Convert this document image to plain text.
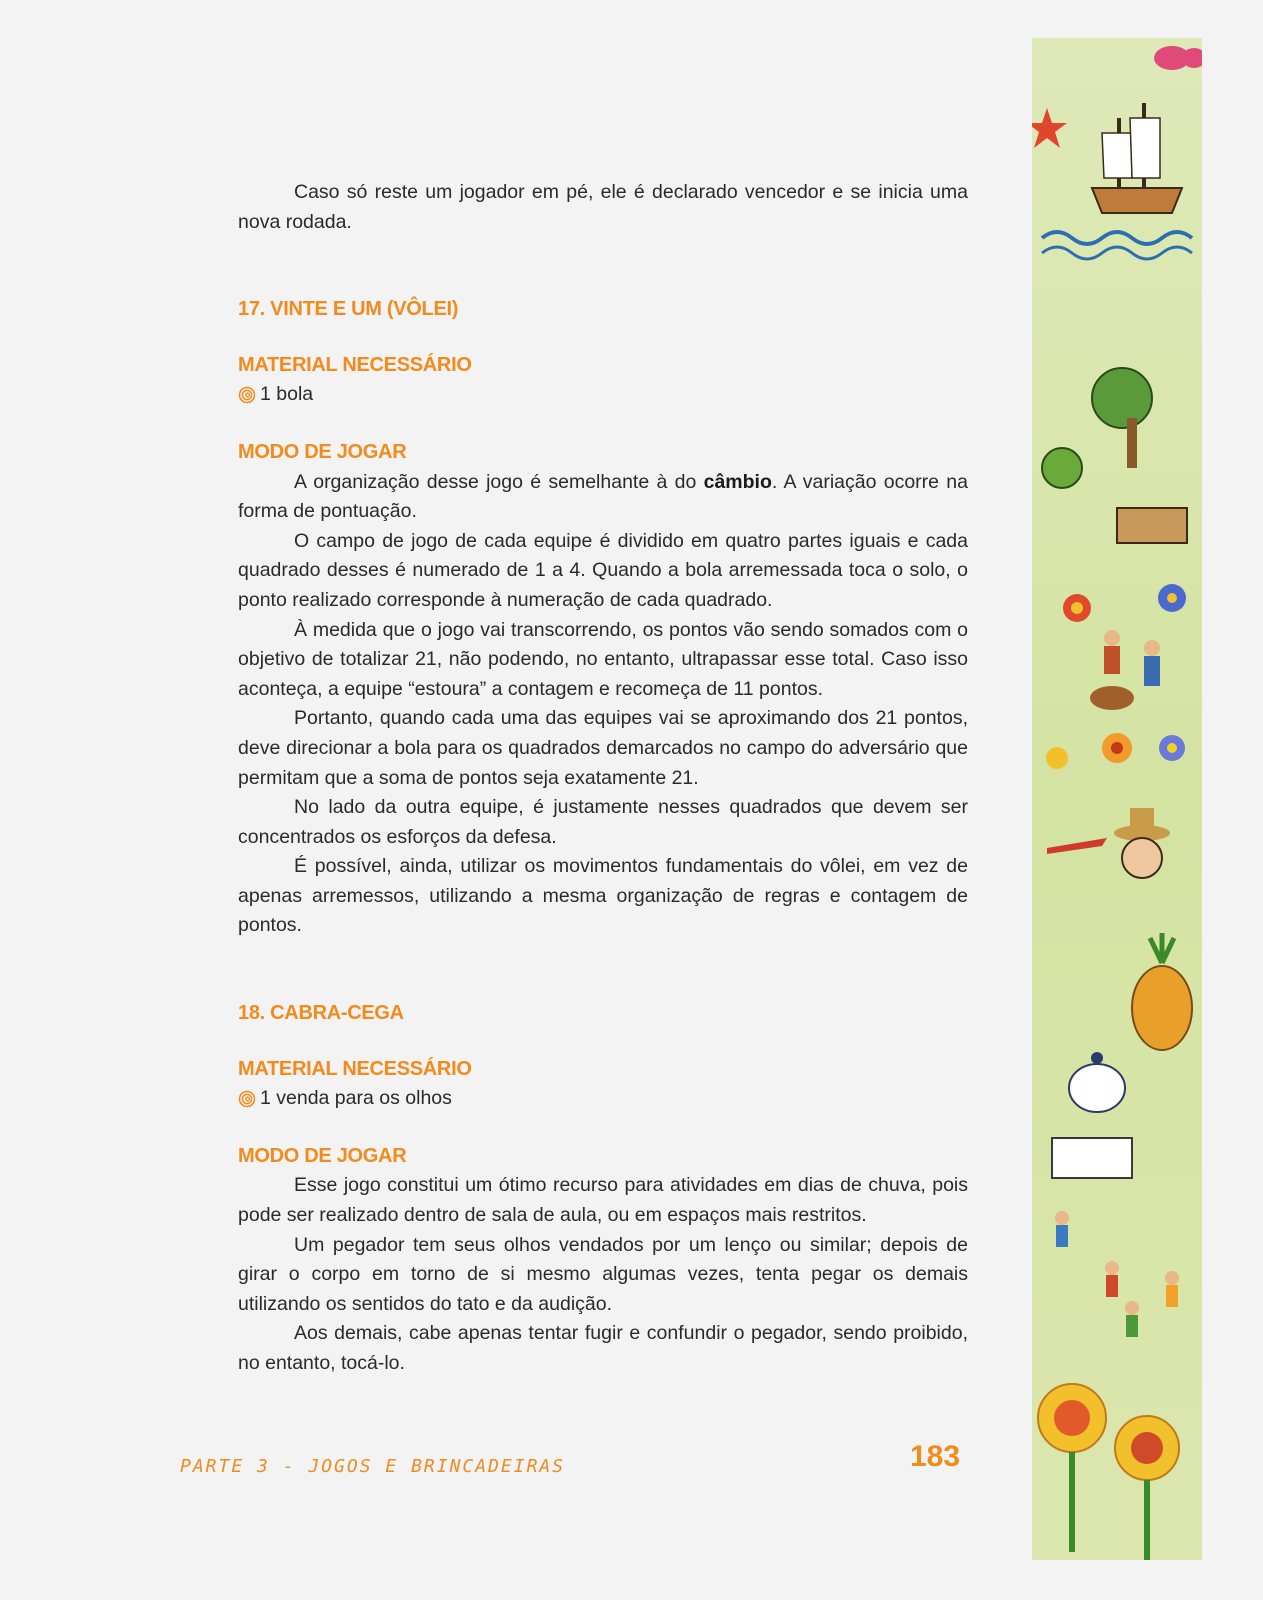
Caso só reste um jogador em pé, ele é declarado vencedor e se inicia uma nova rodada.

17. VINTE E UM (VÔLEI)
MATERIAL NECESSÁRIO
1 bola
MODO DE JOGAR

A organização desse jogo é semelhante à do câmbio. A variação ocorre na forma de pontuação.

O campo de jogo de cada equipe é dividido em quatro partes iguais e cada quadrado desses é numerado de 1 a 4. Quando a bola arremessada toca o solo, o ponto realizado corresponde à numeração de cada quadrado.

À medida que o jogo vai transcorrendo, os pontos vão sendo somados com o objetivo de totalizar 21, não podendo, no entanto, ultrapassar esse total. Caso isso aconteça, a equipe “estoura” a contagem e recomeça de 11 pontos.

Portanto, quando cada uma das equipes vai se aproximando dos 21 pontos, deve direcionar a bola para os quadrados demarcados no campo do adversário que permitam que a soma de pontos seja exatamente 21.

No lado da outra equipe, é justamente nesses quadrados que devem ser concentrados os esforços da defesa.

É possível, ainda, utilizar os movimentos fundamentais do vôlei, em vez de apenas arremessos, utilizando a mesma organização de regras e contagem de pontos.

18. CABRA-CEGA
MATERIAL NECESSÁRIO
1 venda para os olhos
MODO DE JOGAR

Esse jogo constitui um ótimo recurso para atividades em dias de chuva, pois pode ser realizado dentro de sala de aula, ou em espaços mais restritos.

Um pegador tem seus olhos vendados por um lenço ou similar; depois de girar o corpo em torno de si mesmo algumas vezes, tenta pegar os demais utilizando os sentidos do tato e da audição.

Aos demais, cabe apenas tentar fugir e confundir o pegador, sendo proibido, no entanto, tocá-lo.

PARTE 3 - JOGOS E BRINCADEIRAS	183
